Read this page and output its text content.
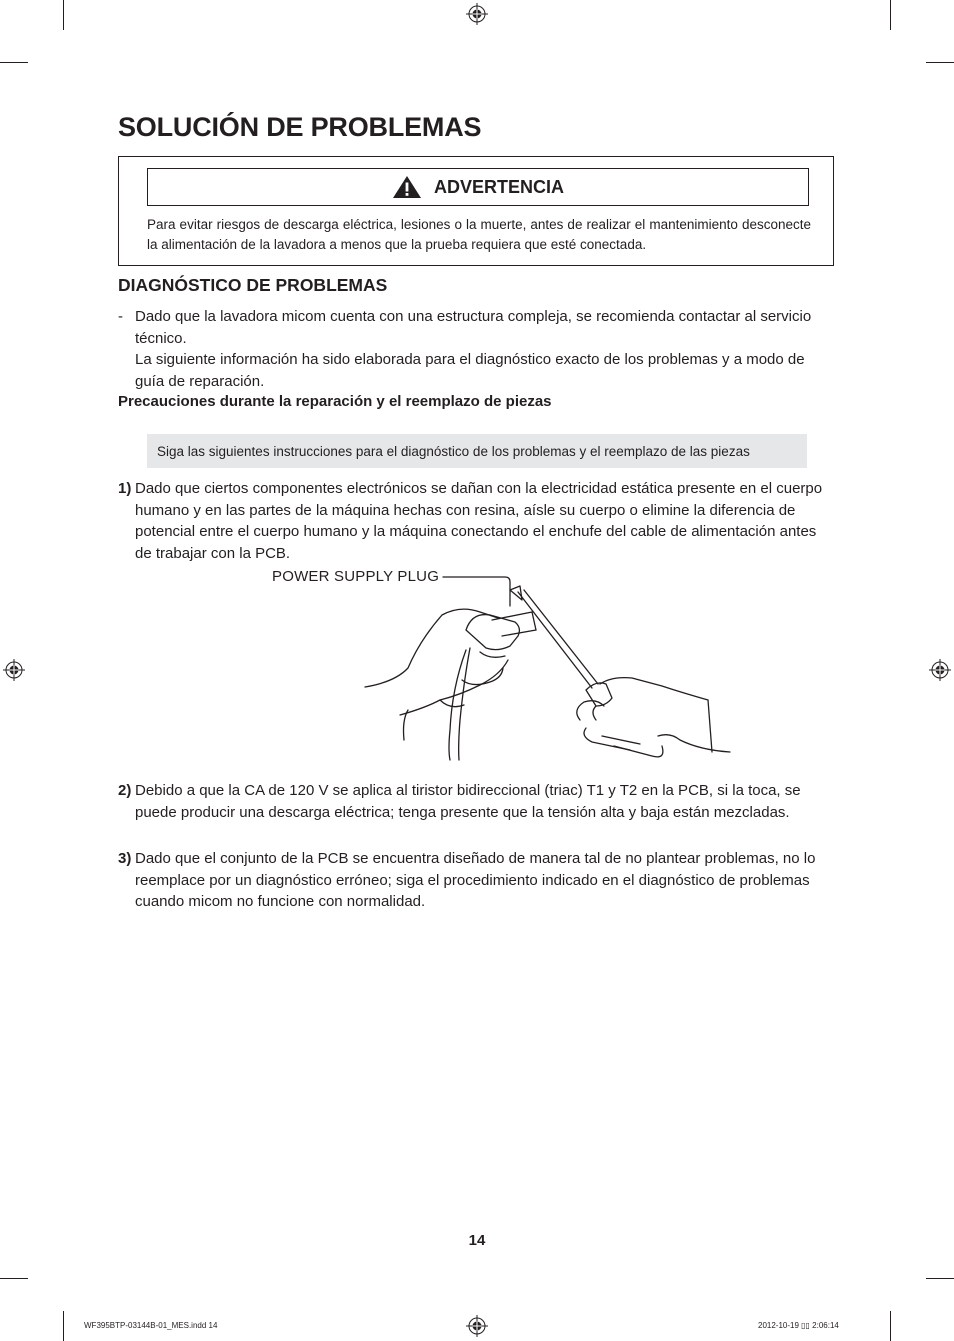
SOLUCIÓN DE PROBLEMAS
ADVERTENCIA
Para evitar riesgos de descarga eléctrica, lesiones o la muerte, antes de realizar el mantenimiento desconecte la alimentación de la lavadora a menos que la prueba requiera que esté conectada.
DIAGNÓSTICO DE PROBLEMAS
- Dado que la lavadora micom cuenta con una estructura compleja, se recomienda contactar al servicio técnico.
La siguiente información ha sido elaborada para el diagnóstico exacto de los problemas y a modo de guía de reparación.

Precauciones durante la reparación y el reemplazo de piezas

Siga las siguientes instrucciones para el diagnóstico de los problemas y el reemplazo de las piezas
1) Dado que ciertos componentes electrónicos se dañan con la electricidad estática presente en el cuerpo humano y en las partes de la máquina hechas con resina, aísle su cuerpo o elimine la diferencia de potencial entre el cuerpo humano y la máquina conectando el enchufe del cable de alimentación antes de trabajar con la PCB.
POWER SUPPLY PLUG
2) Debido a que la CA de 120 V se aplica al tiristor bidireccional (triac) T1 y T2 en la PCB, si la toca, se puede producir una descarga eléctrica; tenga presente que la tensión alta y baja están mezcladas.
3) Dado que el conjunto de la PCB se encuentra diseñado de manera tal de no plantear problemas, no lo reemplace por un diagnóstico erróneo; siga el procedimiento indicado en el diagnóstico de problemas cuando micom no funcione con normalidad.
14
WF395BTP-03144B-01_MES.indd 14	2012-10-19 ▯▯ 2:06:14
